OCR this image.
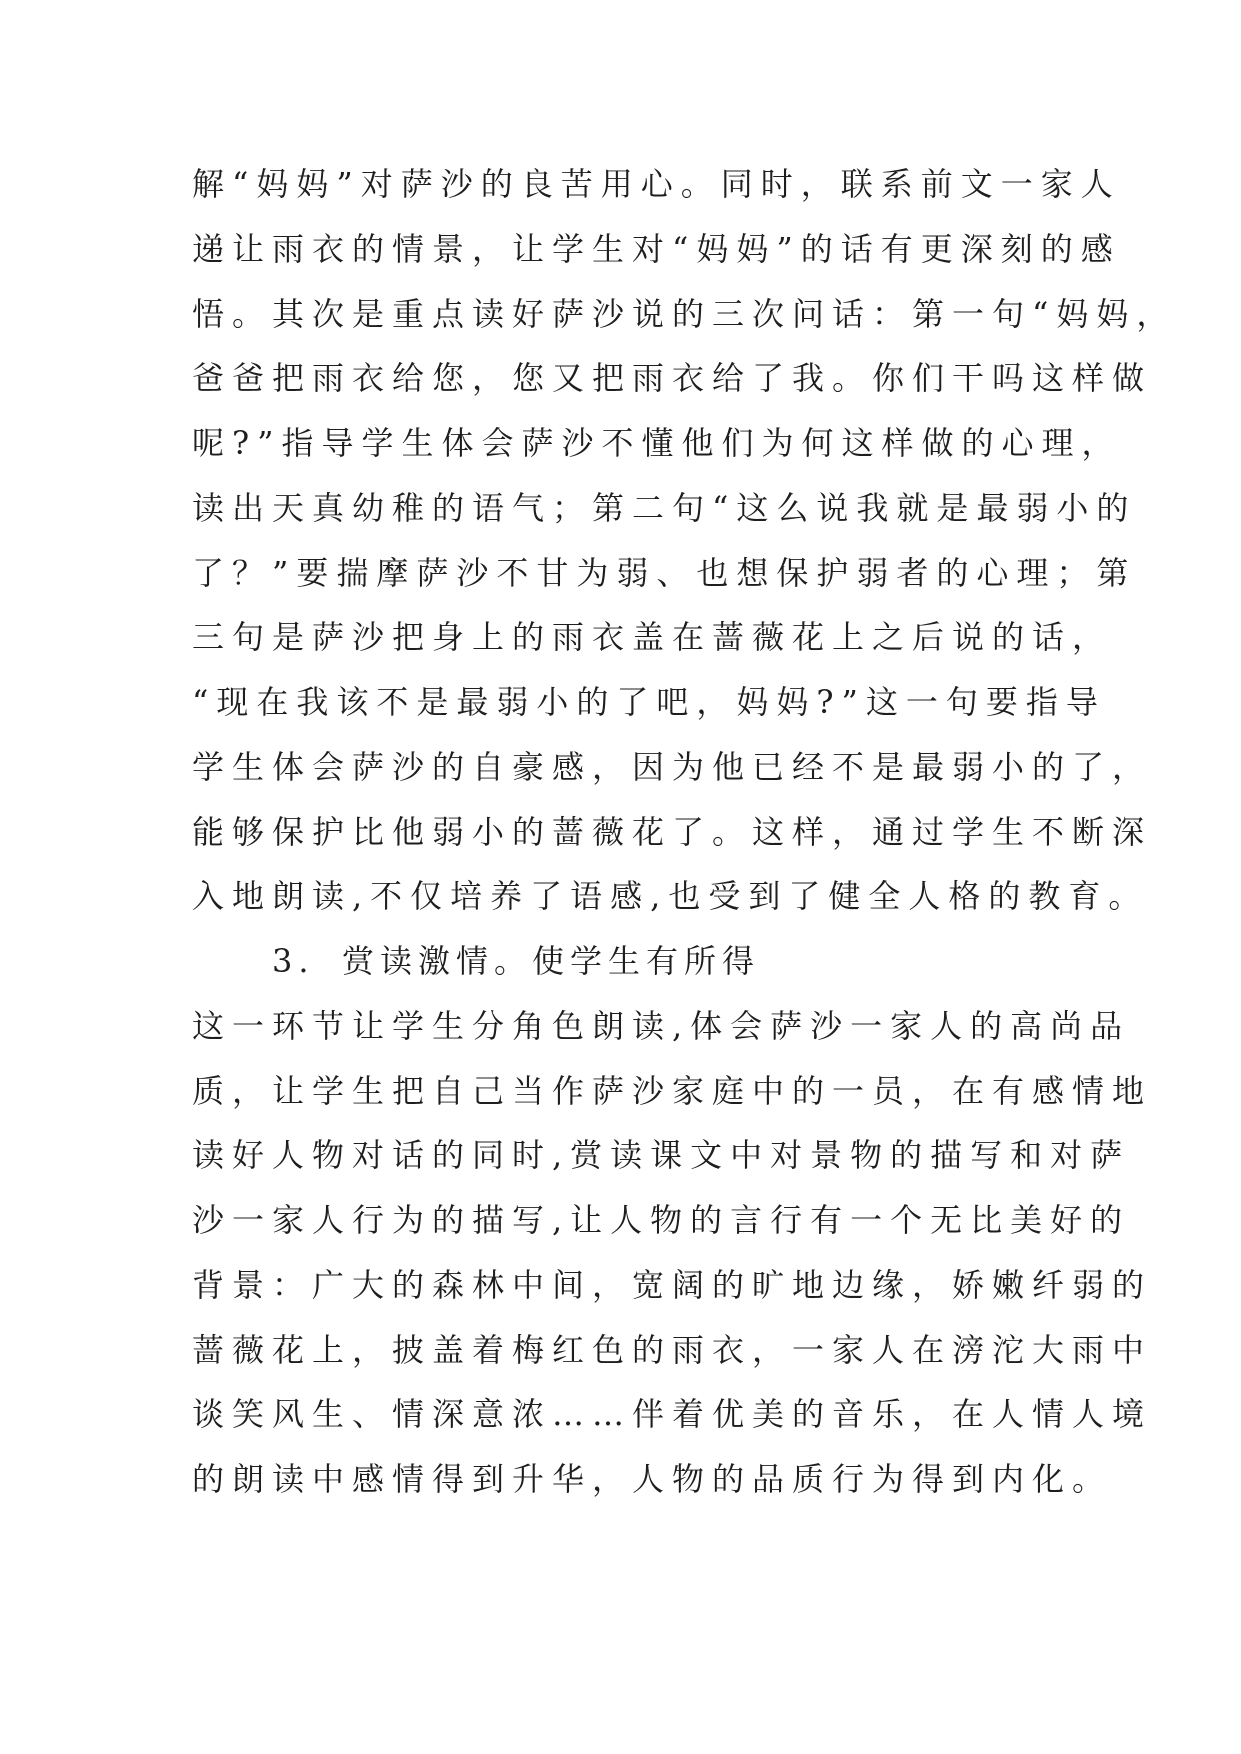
解“妈妈”对萨沙的良苦用心。同时，联系前文一家人
递让雨衣的情景，让学生对“妈妈”的话有更深刻的感
悟。其次是重点读好萨沙说的三次问话：第一句“妈妈，
爸爸把雨衣给您，您又把雨衣给了我。你们干吗这样做
呢?”指导学生体会萨沙不懂他们为何这样做的心理，
读出天真幼稚的语气；第二句“这么说我就是最弱小的
了？”要揣摩萨沙不甘为弱、也想保护弱者的心理；第
三句是萨沙把身上的雨衣盖在蔷薇花上之后说的话，
“现在我该不是最弱小的了吧，妈妈?”这一句要指导
学生体会萨沙的自豪感，因为他已经不是最弱小的了，
能够保护比他弱小的蔷薇花了。这样，通过学生不断深
入地朗读,不仅培养了语感,也受到了健全人格的教育。
3. 赏读激情。使学生有所得
这一环节让学生分角色朗读,体会萨沙一家人的高尚品
质，让学生把自己当作萨沙家庭中的一员，在有感情地
读好人物对话的同时,赏读课文中对景物的描写和对萨
沙一家人行为的描写,让人物的言行有一个无比美好的
背景：广大的森林中间，宽阔的旷地边缘，娇嫩纤弱的
蔷薇花上，披盖着梅红色的雨衣，一家人在滂沱大雨中
谈笑风生、情深意浓……伴着优美的音乐，在人情人境
的朗读中感情得到升华，人物的品质行为得到内化。
